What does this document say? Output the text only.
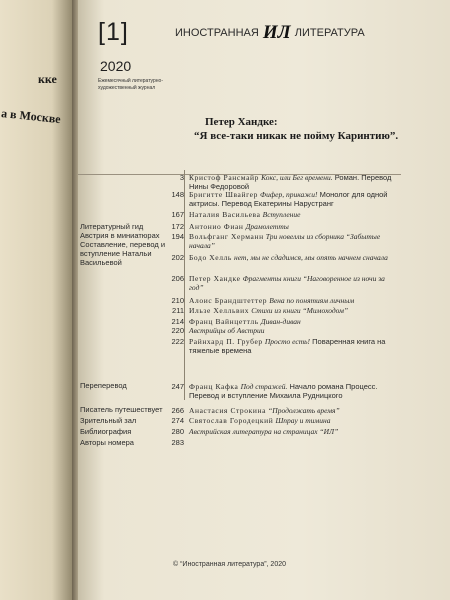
кке
а в Москве
[1]
2020
Ежемесячный литературно-художественный журнал
ИНОСТРАННАЯ ИЛ ЛИТЕРАТУРА
Петер Хандке:
“Я все-таки никак не пойму Каринтию”.
Литературный гид Австрия в миниатюрах Составление, перевод и вступление Натальи Васильевой
Переперевод
Писатель путешествует
Зрительный зал
Библиография
Авторы номера
3 Кристоф Рансмайр Кокс, или Бег времени. Роман. Перевод Нины Федоровой
148 Бригитте Швайгер Фифер, прикажи! Монолог для одной актрисы. Перевод Екатерины Наруcтранг
167 Наталия Васильева Вступление
172 Антонио Фиан Драмолетты
194 Вольфганг Херманн Три новеллы из сборника “Забытые начала”
202 Бодо Хелль нет, мы не сдадимся, мы опять начнем сначала
206 Петер Хандке Фрагменты книги “Наговоренное из ночи за год”
210 Алоис Брандштеттер Вена по понятиям личным
211 Ильзе Хелльвих Стихи из книги “Мимоходом”
214 Франц Вайнцеттль Диван-диван
220 Австрийцы об Австрии
222 Райнхард П. Грубер Просто есть! Поваренная книга на тяжелые времена
247 Франц Кафка Под стражей. Начало романа Процесс. Перевод и вступление Михаила Рудницкого
266 Анастасия Строкина “Продолжать время”
274 Святослав Городецкий Шпрау и тимина
280 Австрийская литература на страницах “ИЛ”
283
© “Иностранная литература”, 2020
